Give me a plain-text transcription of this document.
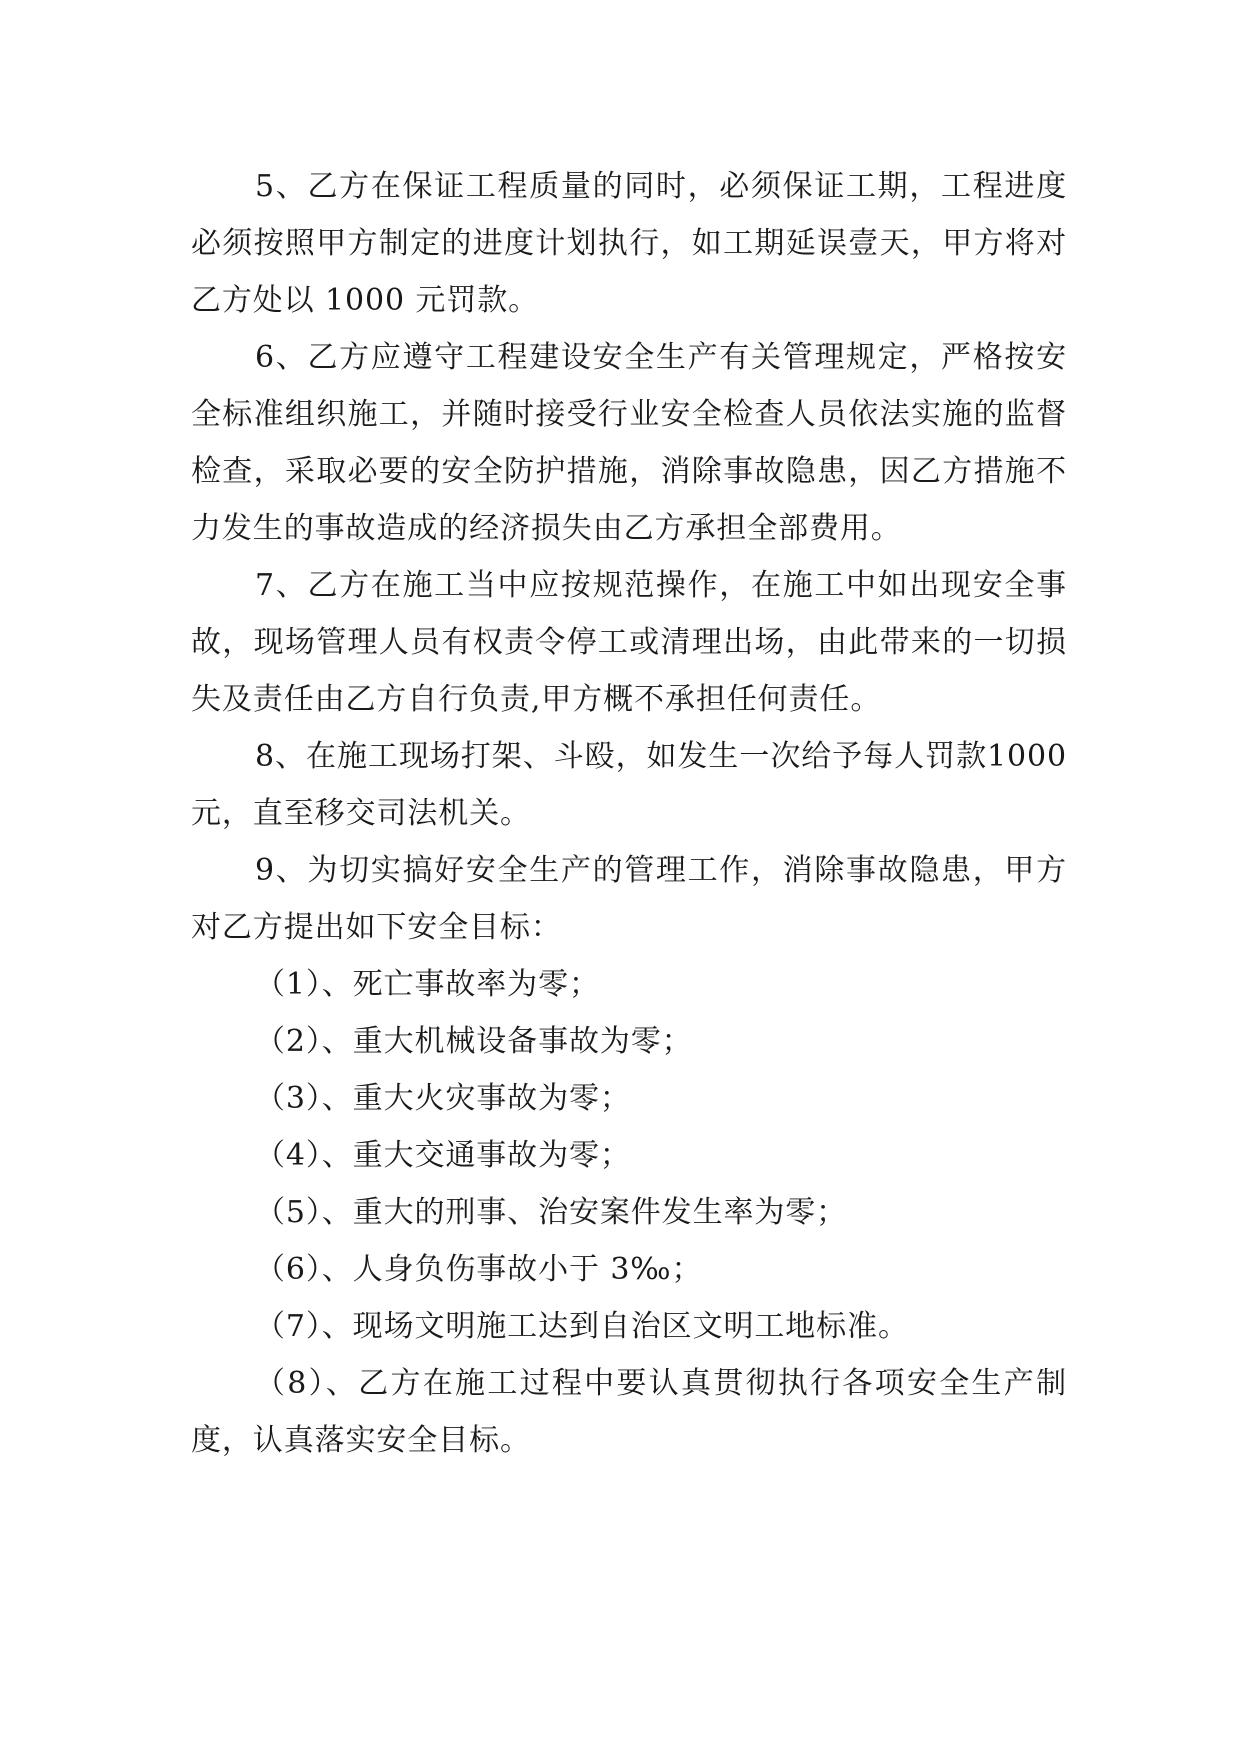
5、乙方在保证工程质量的同时，必须保证工期，工程进度必须按照甲方制定的进度计划执行，如工期延误壹天，甲方将对乙方处以 1000 元罚款。

6、乙方应遵守工程建设安全生产有关管理规定，严格按安全标准组织施工，并随时接受行业安全检查人员依法实施的监督检查，采取必要的安全防护措施，消除事故隐患，因乙方措施不力发生的事故造成的经济损失由乙方承担全部费用。

7、乙方在施工当中应按规范操作，在施工中如出现安全事故，现场管理人员有权责令停工或清理出场，由此带来的一切损失及责任由乙方自行负责,甲方概不承担任何责任。

8、在施工现场打架、斗殴，如发生一次给予每人罚款1000 元，直至移交司法机关。

9、为切实搞好安全生产的管理工作，消除事故隐患，甲方对乙方提出如下安全目标：

（1）、死亡事故率为零；

（2）、重大机械设备事故为零；

（3）、重大火灾事故为零；

（4）、重大交通事故为零；

（5）、重大的刑事、治安案件发生率为零；

（6）、人身负伤事故小于 3‰；

（7）、现场文明施工达到自治区文明工地标准。

（8）、乙方在施工过程中要认真贯彻执行各项安全生产制度，认真落实安全目标。
